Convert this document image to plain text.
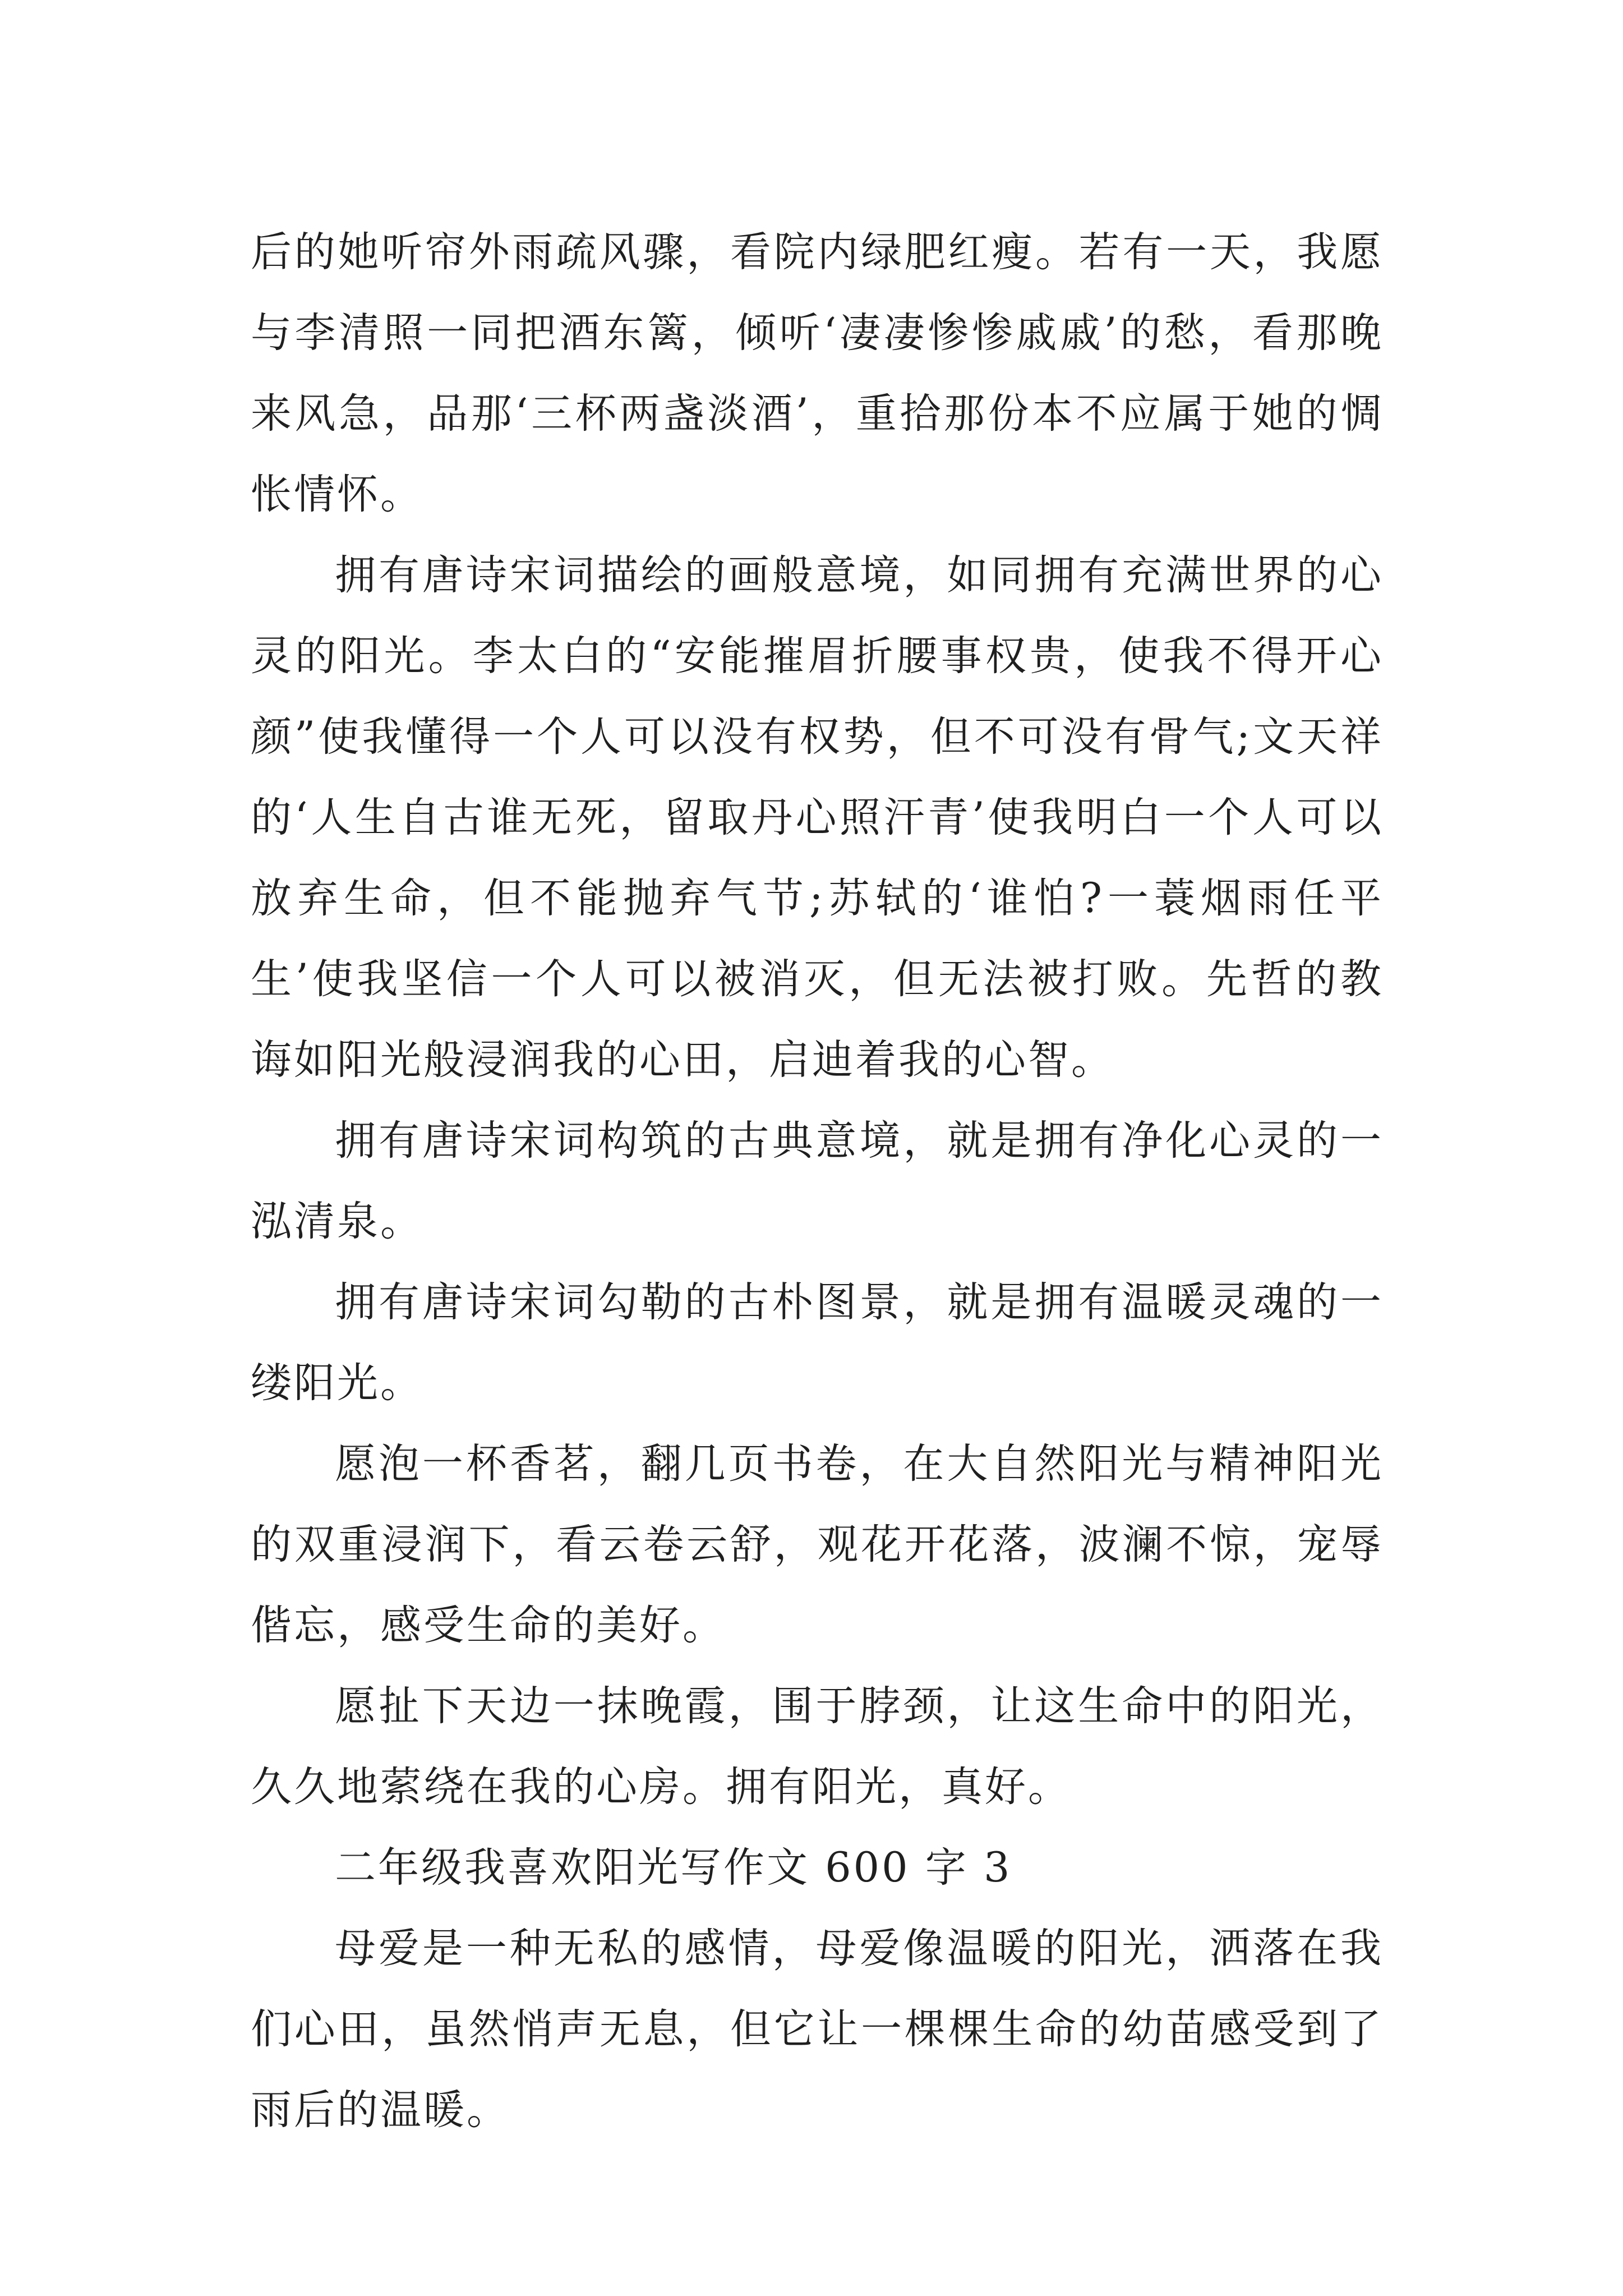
后的她听帘外雨疏风骤，看院内绿肥红瘦。若有一天，我愿与李清照一同把酒东篱，倾听‘凄凄惨惨戚戚’的愁，看那晚来风急，品那‘三杯两盏淡酒’，重拾那份本不应属于她的惆怅情怀。

拥有唐诗宋词描绘的画般意境，如同拥有充满世界的心灵的阳光。李太白的“安能摧眉折腰事权贵，使我不得开心颜”使我懂得一个人可以没有权势，但不可没有骨气;文天祥的‘人生自古谁无死，留取丹心照汗青’使我明白一个人可以放弃生命，但不能抛弃气节;苏轼的‘谁怕?一蓑烟雨任平生’使我坚信一个人可以被消灭，但无法被打败。先哲的教诲如阳光般浸润我的心田，启迪着我的心智。

拥有唐诗宋词构筑的古典意境，就是拥有净化心灵的一泓清泉。

拥有唐诗宋词勾勒的古朴图景，就是拥有温暖灵魂的一缕阳光。

愿泡一杯香茗，翻几页书卷，在大自然阳光与精神阳光的双重浸润下，看云卷云舒，观花开花落，波澜不惊，宠辱偕忘，感受生命的美好。

愿扯下天边一抹晚霞，围于脖颈，让这生命中的阳光，久久地萦绕在我的心房。拥有阳光，真好。

二年级我喜欢阳光写作文 600 字 3

母爱是一种无私的感情，母爱像温暖的阳光，洒落在我们心田，虽然悄声无息，但它让一棵棵生命的幼苗感受到了雨后的温暖。
